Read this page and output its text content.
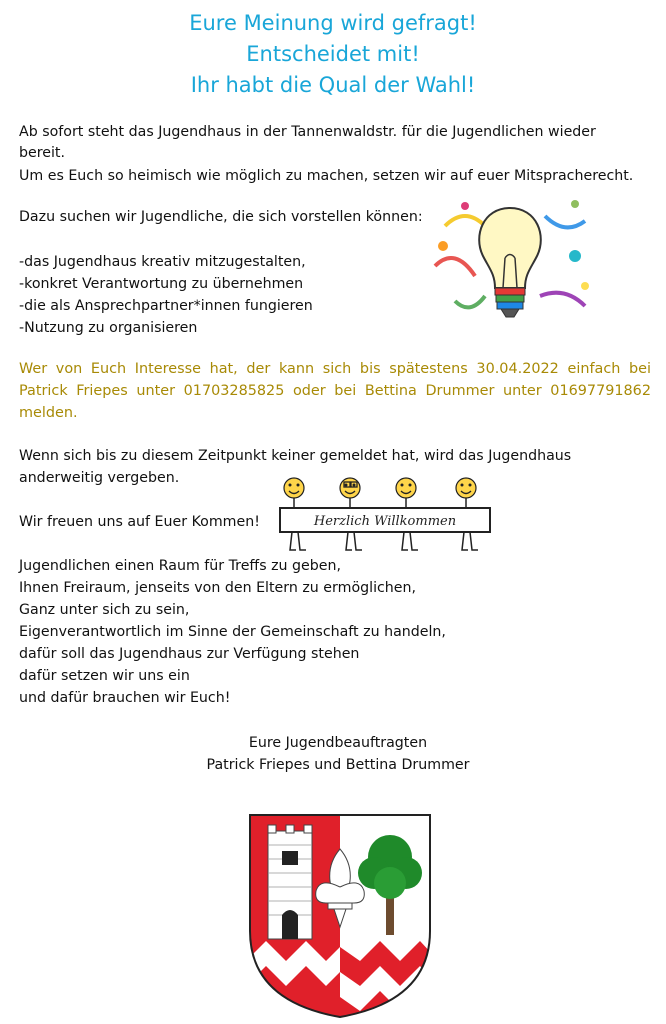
Eure Meinung wird gefragt!
Entscheidet mit!
Ihr habt die Qual der Wahl!
Ab sofort steht das Jugendhaus in der Tannenwaldstr. für die Jugendlichen wieder
bereit.
Um es Euch so heimisch wie möglich zu machen, setzen wir auf euer Mitspracherecht.
Dazu suchen wir Jugendliche, die sich vorstellen können:
-das Jugendhaus kreativ mitzugestalten,
-konkret Verantwortung zu übernehmen
-die als Ansprechpartner*innen fungieren
-Nutzung zu organisieren
Wer von Euch Interesse hat, der kann sich bis spätestens 30.04.2022 einfach bei
Patrick Friepes unter 01703285825 oder bei Bettina Drummer unter 01697791862
melden.
Wenn sich bis zu diesem Zeitpunkt keiner gemeldet hat, wird das Jugendhaus
anderweitig vergeben.
Wir freuen uns auf Euer Kommen!	Herzlich Willkommen
Jugendlichen einen Raum für Treffs zu geben,
Ihnen Freiraum, jenseits von den Eltern zu ermöglichen,
Ganz unter sich zu sein,
Eigenverantwortlich im Sinne der Gemeinschaft zu handeln,
dafür soll das Jugendhaus zur Verfügung stehen
dafür setzen wir uns ein
und dafür brauchen wir Euch!
Eure Jugendbeauftragten
Patrick Friepes und Bettina Drummer
